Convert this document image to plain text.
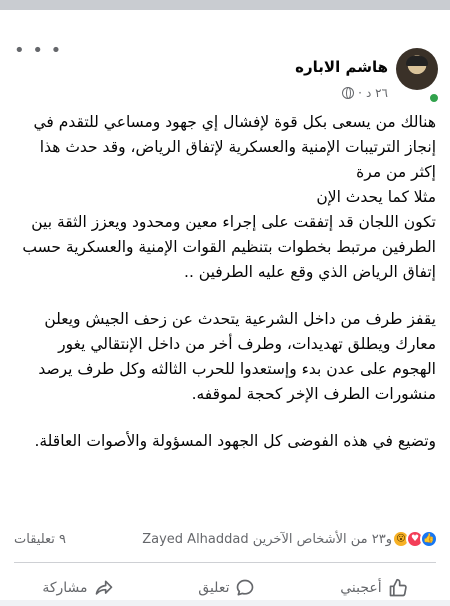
• • •
هاشم الاباره
٢٦ د
·

هنالك من يسعى بكل قوة لإفشال إي جهود ومساعي للتقدم في إنجاز الترتيبات الإمنية والعسكرية لإتفاق الرياض، وقد حدث هذا إكثر من مرة

مثلا كما يحدث الإن

تكون اللجان قد إتفقت على إجراء معين ومحدود ويعزز الثقة بين الطرفين مرتبط بخطوات بتنظيم القوات الإمنية والعسكرية حسب إتفاق الرياض الذي وقع عليه الطرفين ..

يقفز طرف من داخل الشرعية يتحدث عن زحف الجيش ويعلن معارك ويطلق تهديدات، وطرف أخر من داخل الإنتقالي يغور الهجوم على عدن بدء وإستعدوا للحرب الثالثه وكل طرف يرصد منشورات الطرف الإخر كحجة لموقفه.

وتضيع في هذه الفوضى كل الجهود المسؤولة والأصوات العاقلة.

٩ تعليقات	👍
♥
😮
Zayed Alhaddad و٢٣ من الأشخاص الآخرين
أعجبني
تعليق
مشاركة
